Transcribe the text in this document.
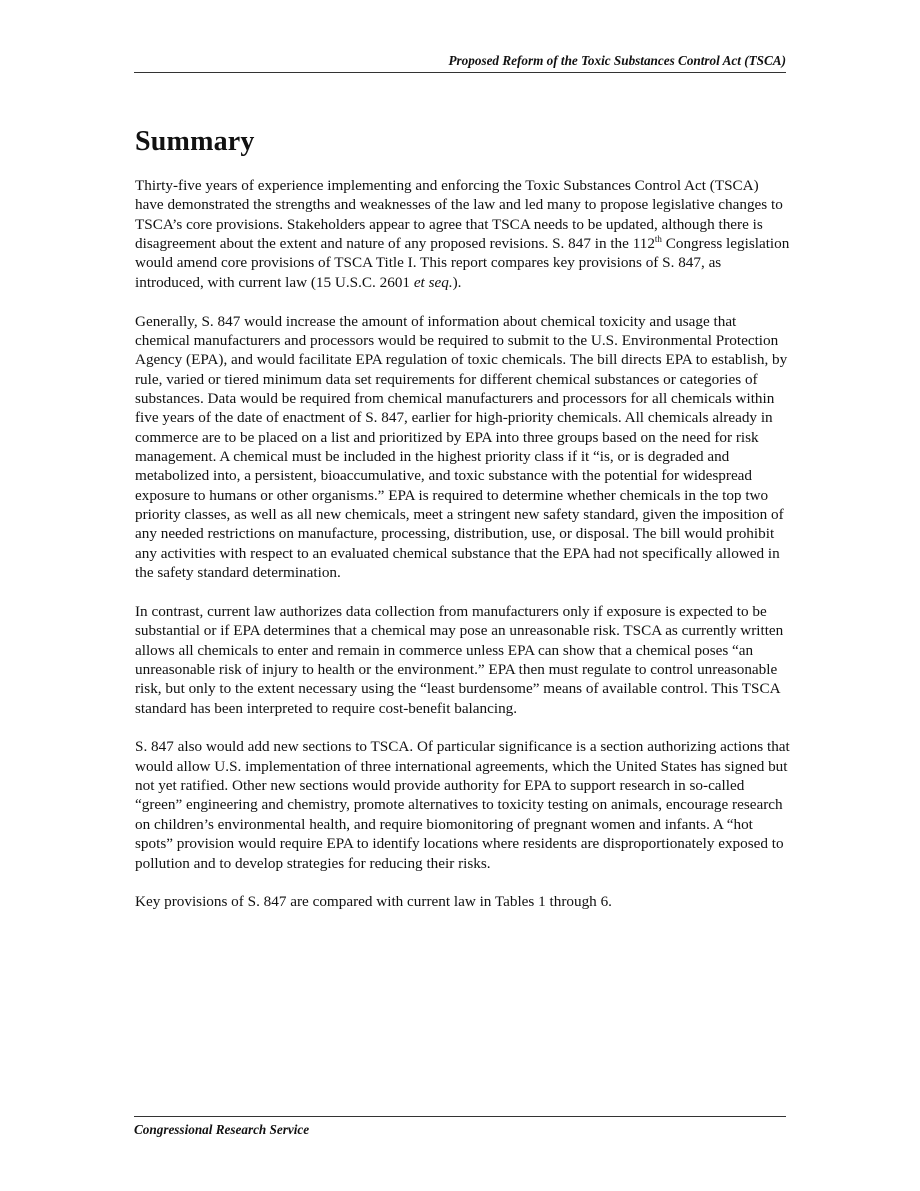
Proposed Reform of the Toxic Substances Control Act (TSCA)
Summary

Thirty-five years of experience implementing and enforcing the Toxic Substances Control Act (TSCA) have demonstrated the strengths and weaknesses of the law and led many to propose legislative changes to TSCA’s core provisions. Stakeholders appear to agree that TSCA needs to be updated, although there is disagreement about the extent and nature of any proposed revisions. S. 847 in the 112th Congress legislation would amend core provisions of TSCA Title I. This report compares key provisions of S. 847, as introduced, with current law (15 U.S.C. 2601 et seq.).

Generally, S. 847 would increase the amount of information about chemical toxicity and usage that chemical manufacturers and processors would be required to submit to the U.S. Environmental Protection Agency (EPA), and would facilitate EPA regulation of toxic chemicals. The bill directs EPA to establish, by rule, varied or tiered minimum data set requirements for different chemical substances or categories of substances. Data would be required from chemical manufacturers and processors for all chemicals within five years of the date of enactment of S. 847, earlier for high-priority chemicals. All chemicals already in commerce are to be placed on a list and prioritized by EPA into three groups based on the need for risk management. A chemical must be included in the highest priority class if it “is, or is degraded and metabolized into, a persistent, bioaccumulative, and toxic substance with the potential for widespread exposure to humans or other organisms.” EPA is required to determine whether chemicals in the top two priority classes, as well as all new chemicals, meet a stringent new safety standard, given the imposition of any needed restrictions on manufacture, processing, distribution, use, or disposal. The bill would prohibit any activities with respect to an evaluated chemical substance that the EPA had not specifically allowed in the safety standard determination.

In contrast, current law authorizes data collection from manufacturers only if exposure is expected to be substantial or if EPA determines that a chemical may pose an unreasonable risk. TSCA as currently written allows all chemicals to enter and remain in commerce unless EPA can show that a chemical poses “an unreasonable risk of injury to health or the environment.” EPA then must regulate to control unreasonable risk, but only to the extent necessary using the “least burdensome” means of available control. This TSCA standard has been interpreted to require cost-benefit balancing.

S. 847 also would add new sections to TSCA. Of particular significance is a section authorizing actions that would allow U.S. implementation of three international agreements, which the United States has signed but not yet ratified. Other new sections would provide authority for EPA to support research in so-called “green” engineering and chemistry, promote alternatives to toxicity testing on animals, encourage research on children’s environmental health, and require biomonitoring of pregnant women and infants. A “hot spots” provision would require EPA to identify locations where residents are disproportionately exposed to pollution and to develop strategies for reducing their risks.

Key provisions of S. 847 are compared with current law in Tables 1 through 6.

Congressional Research Service
